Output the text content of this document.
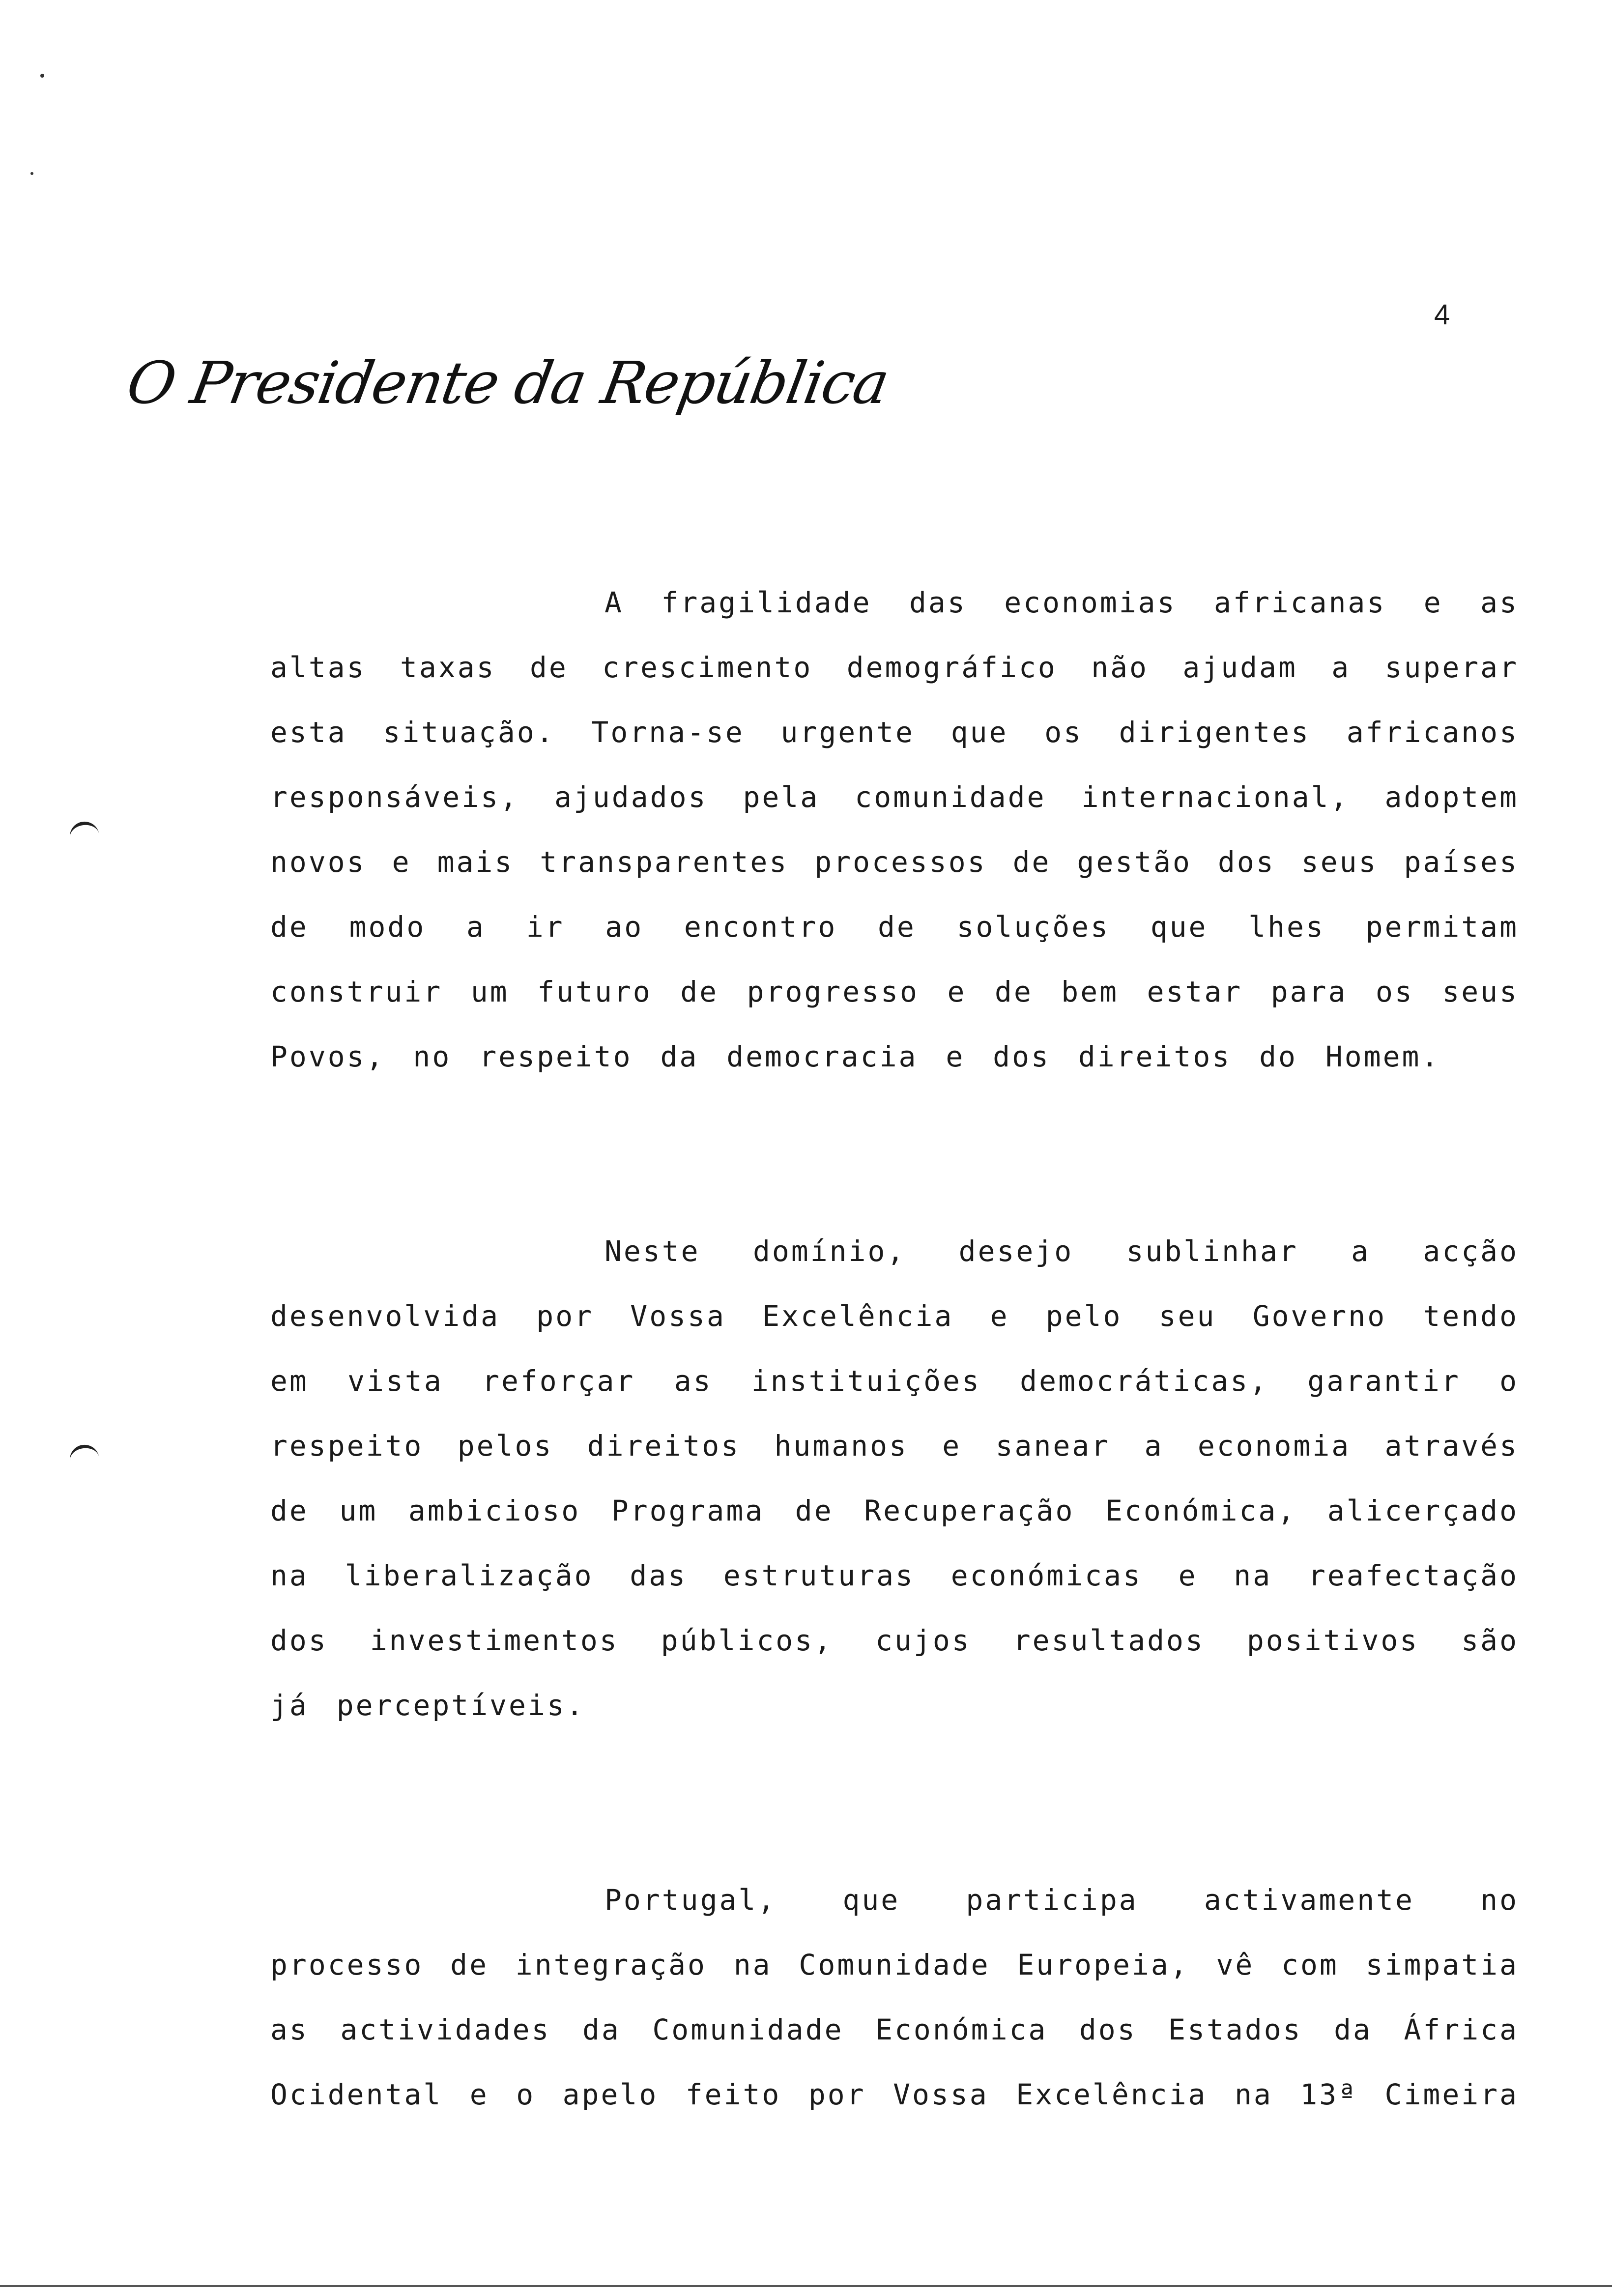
4
O Presidente da República
A fragilidade das economias africanas e as
altas taxas de crescimento demográfico não ajudam a superar
esta situação. Torna-se urgente que os dirigentes africanos
responsáveis, ajudados pela comunidade internacional, adoptem
novos e mais transparentes processos de gestão dos seus países
de modo a ir ao encontro de soluções que lhes permitam
construir um futuro de progresso e de bem estar para os seus
Povos, no respeito da democracia e dos direitos do Homem.
Neste domínio, desejo sublinhar a acção
desenvolvida por Vossa Excelência e pelo seu Governo tendo
em vista reforçar as instituições democráticas, garantir o
respeito pelos direitos humanos e sanear a economia através
de um ambicioso Programa de Recuperação Económica, alicerçado
na liberalização das estruturas económicas e na reafectação
dos investimentos públicos, cujos resultados positivos são
já perceptíveis.
Portugal, que participa activamente no
processo de integração na Comunidade Europeia, vê com simpatia
as actividades da Comunidade Económica dos Estados da África
Ocidental e o apelo feito por Vossa Excelência na 13ª Cimeira
